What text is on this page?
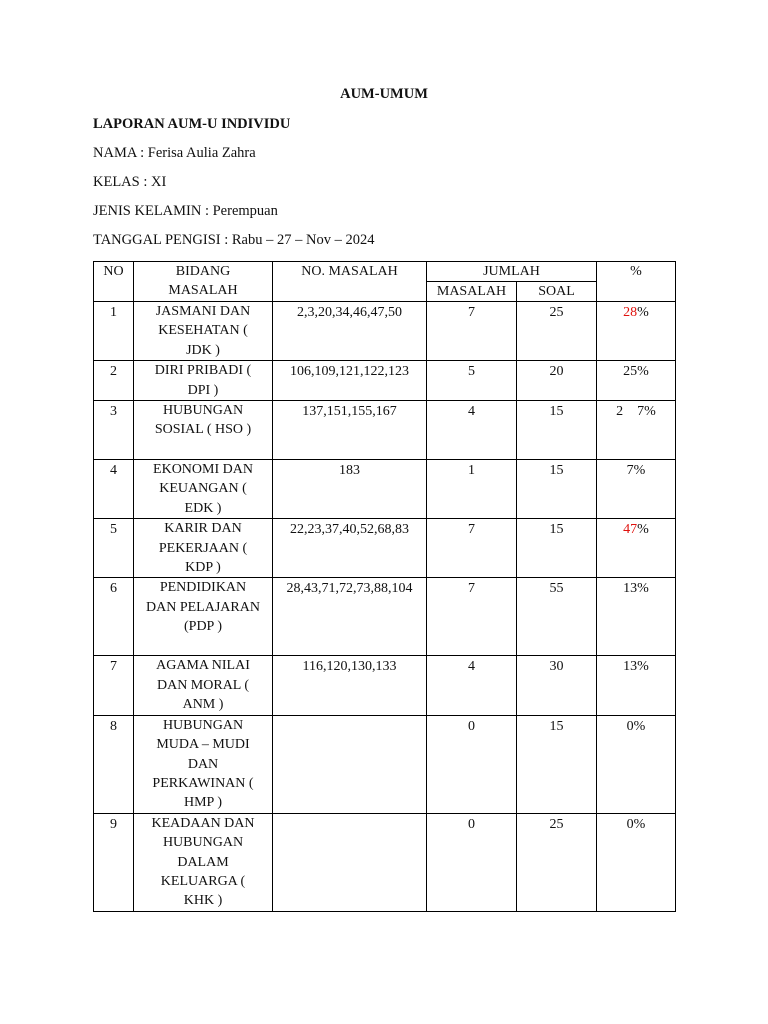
AUM-UMUM
LAPORAN AUM-U INDIVIDU
NAMA : Ferisa Aulia Zahra
KELAS : XI
JENIS KELAMIN : Perempuan
TANGGAL PENGISI : Rabu – 27 – Nov – 2024
NO	BIDANG MASALAH	NO. MASALAH	JUMLAH		%
			MASALAH	SOAL	
1	JASMANI DAN KESEHATAN ( JDK )	2,3,20,34,46,47,50	7	25	28%
2	DIRI PRIBADI ( DPI )	106,109,121,122,123	5	20	25%
3	HUBUNGAN SOSIAL ( HSO )	137,151,155,167	4	15	2    7%
4	EKONOMI DAN KEUANGAN ( EDK )	183	1	15	7%
5	KARIR DAN PEKERJAAN ( KDP )	22,23,37,40,52,68,83	7	15	47%
6	PENDIDIKAN DAN PELAJARAN (PDP )	28,43,71,72,73,88,104	7	55	13%
7	AGAMA NILAI DAN MORAL ( ANM )	116,120,130,133	4	30	13%
8	HUBUNGAN MUDA – MUDI DAN PERKAWINAN ( HMP )		0	15	0%
9	KEADAAN DAN HUBUNGAN DALAM KELUARGA ( KHK )		0	25	0%
